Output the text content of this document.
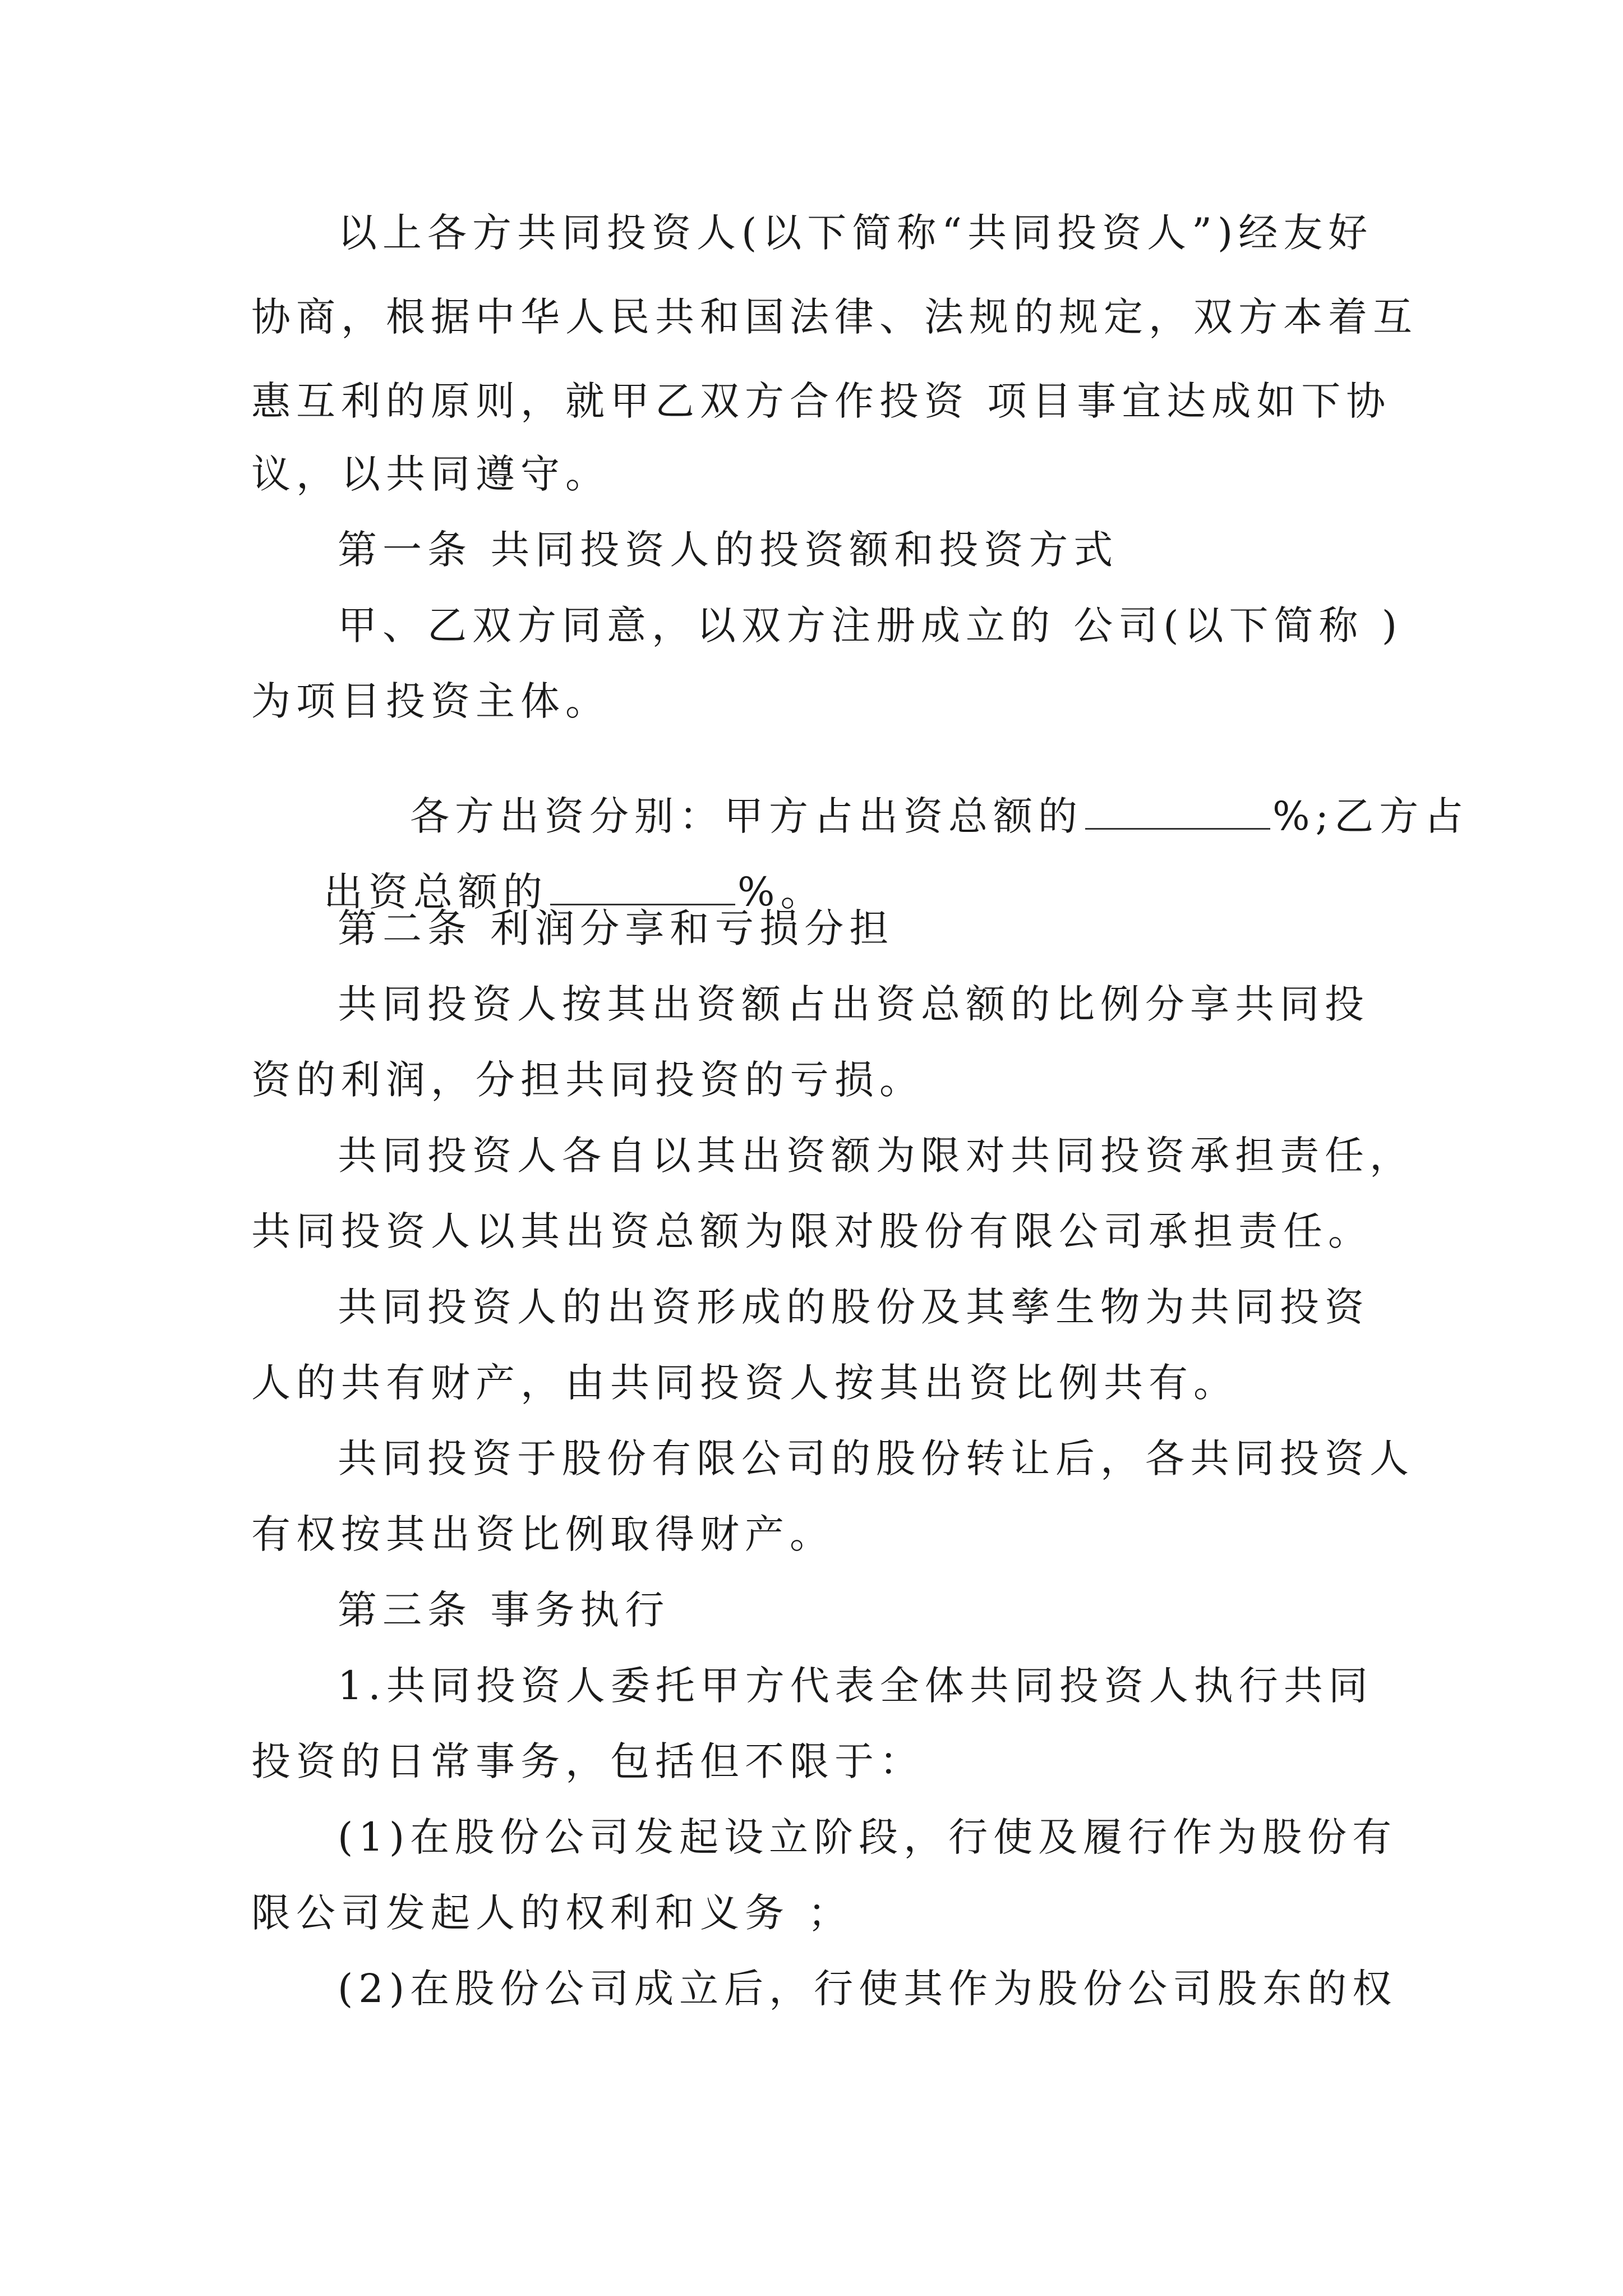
以上各方共同投资人(以下简称“共同投资人”)经友好
协商，根据中华人民共和国法律、法规的规定，双方本着互
惠互利的原则，就甲乙双方合作投资 项目事宜达成如下协
议，以共同遵守。
第一条 共同投资人的投资额和投资方式
甲、乙双方同意，以双方注册成立的 公司(以下简称 )
为项目投资主体。

各方出资分别：甲方占出资总额的	%;乙方占

出资总额的	%。

第二条 利润分享和亏损分担
共同投资人按其出资额占出资总额的比例分享共同投
资的利润，分担共同投资的亏损。
共同投资人各自以其出资额为限对共同投资承担责任，
共同投资人以其出资总额为限对股份有限公司承担责任。
共同投资人的出资形成的股份及其孳生物为共同投资
人的共有财产，由共同投资人按其出资比例共有。
共同投资于股份有限公司的股份转让后，各共同投资人
有权按其出资比例取得财产。
第三条 事务执行
1.共同投资人委托甲方代表全体共同投资人执行共同
投资的日常事务，包括但不限于：
(1)在股份公司发起设立阶段，行使及履行作为股份有
限公司发起人的权利和义务 ；
(2)在股份公司成立后，行使其作为股份公司股东的权
